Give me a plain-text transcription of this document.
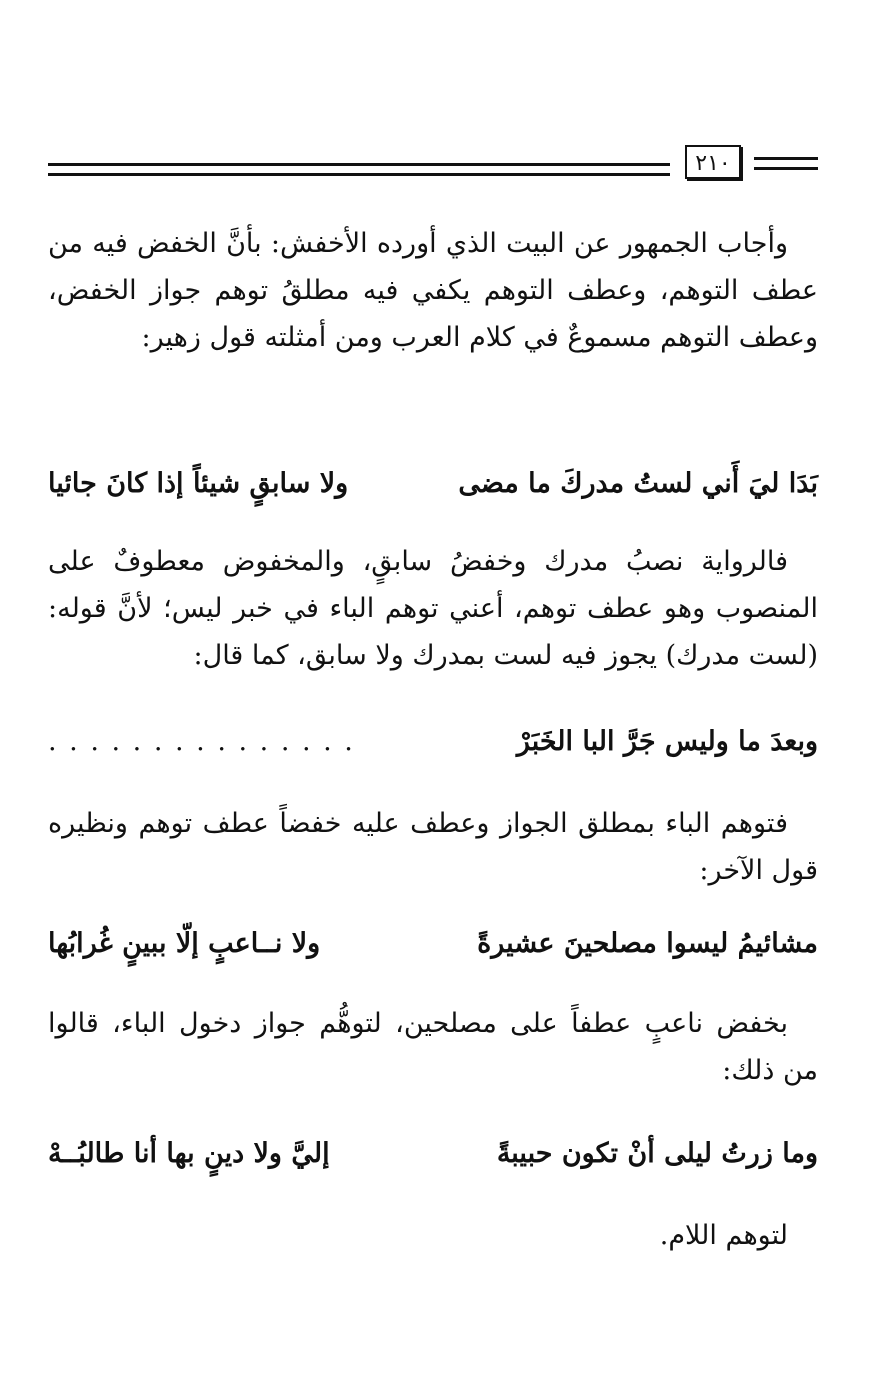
٢١٠

وأجاب الجمهور عن البيت الذي أورده الأخفش: بأنَّ الخفض فيه من عطف التوهم، وعطف التوهم يكفي فيه مطلقُ توهم جواز الخفض، وعطف التوهم مسموعٌ في كلام العرب ومن أمثلته قول زهير:

بَدَا ليَ أَني لستُ مدركَ ما مضى
ولا سابقٍ شيئاً إذا كانَ جائيا

فالرواية نصبُ مدرك وخفضُ سابقٍ، والمخفوض معطوفٌ على المنصوب وهو عطف توهم، أعني توهم الباء في خبر ليس؛ لأنَّ قوله: (لست مدرك) يجوز فيه لست بمدرك ولا سابق، كما قال:

وبعدَ ما وليس جَرَّ البا الخَبَرْ
. . . . . . . . . . . . . . .

فتوهم الباء بمطلق الجواز وعطف عليه خفضاً عطف توهم ونظيره قول الآخر:

مشائيمُ ليسوا مصلحينَ عشيرةً
ولا نــاعبٍ إلّا ببينٍ غُرابُها

بخفض ناعبٍ عطفاً على مصلحين، لتوهُّم جواز دخول الباء، قالوا من ذلك:

وما زرتُ ليلى أنْ تكون حبيبةً
إليَّ ولا دينٍ بها أنا طالبُــهْ

لتوهم اللام.
